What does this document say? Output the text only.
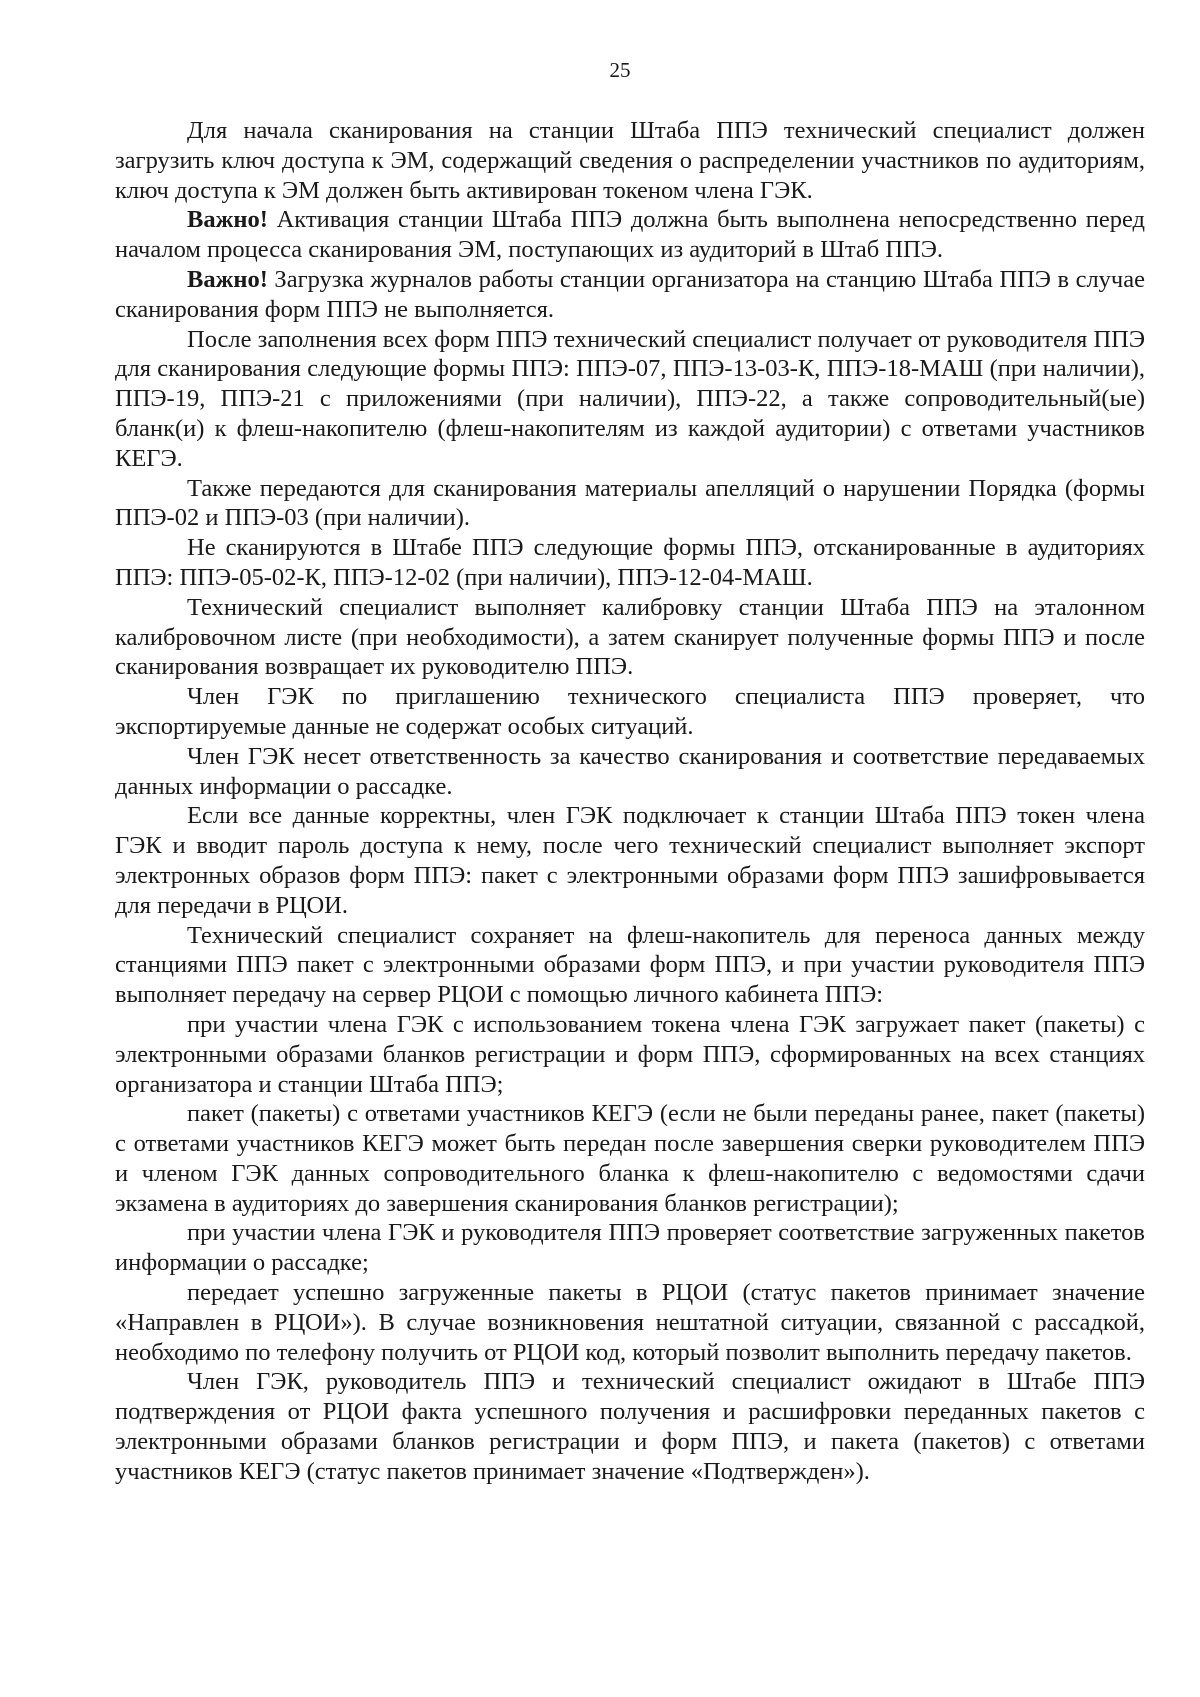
25

Для начала сканирования на станции Штаба ППЭ технический специалист должен загрузить ключ доступа к ЭМ, содержащий сведения о распределении участников по аудиториям, ключ доступа к ЭМ должен быть активирован токеном члена ГЭК.

Важно! Активация станции Штаба ППЭ должна быть выполнена непосредственно перед началом процесса сканирования ЭМ, поступающих из аудиторий в Штаб ППЭ.

Важно! Загрузка журналов работы станции организатора на станцию Штаба ППЭ в случае сканирования форм ППЭ не выполняется.

После заполнения всех форм ППЭ технический специалист получает от руководителя ППЭ для сканирования следующие формы ППЭ: ППЭ-07, ППЭ-13-03-К, ППЭ-18-МАШ (при наличии), ППЭ-19, ППЭ-21 с приложениями (при наличии), ППЭ-22, а также сопроводительный(ые) бланк(и) к флеш-накопителю (флеш-накопителям из каждой аудитории) с ответами участников КЕГЭ.

Также передаются для сканирования материалы апелляций о нарушении Порядка (формы ППЭ-02 и ППЭ-03 (при наличии).

Не сканируются в Штабе ППЭ следующие формы ППЭ, отсканированные в аудиториях ППЭ: ППЭ-05-02-К, ППЭ-12-02 (при наличии), ППЭ-12-04-МАШ.

Технический специалист выполняет калибровку станции Штаба ППЭ на эталонном калибровочном листе (при необходимости), а затем сканирует полученные формы ППЭ и после сканирования возвращает их руководителю ППЭ.

Член ГЭК по приглашению технического специалиста ППЭ проверяет, что экспортируемые данные не содержат особых ситуаций.

Член ГЭК несет ответственность за качество сканирования и соответствие передаваемых данных информации о рассадке.

Если все данные корректны, член ГЭК подключает к станции Штаба ППЭ токен члена ГЭК и вводит пароль доступа к нему, после чего технический специалист выполняет экспорт электронных образов форм ППЭ: пакет с электронными образами форм ППЭ зашифровывается для передачи в РЦОИ.

Технический специалист сохраняет на флеш-накопитель для переноса данных между станциями ППЭ пакет с электронными образами форм ППЭ, и при участии руководителя ППЭ выполняет передачу на сервер РЦОИ с помощью личного кабинета ППЭ:

при участии члена ГЭК с использованием токена члена ГЭК загружает пакет (пакеты) с электронными образами бланков регистрации и форм ППЭ, сформированных на всех станциях организатора и станции Штаба ППЭ;

пакет (пакеты) с ответами участников КЕГЭ (если не были переданы ранее, пакет (пакеты) с ответами участников КЕГЭ может быть передан после завершения сверки руководителем ППЭ и членом ГЭК данных сопроводительного бланка к флеш-накопителю с ведомостями сдачи экзамена в аудиториях до завершения сканирования бланков регистрации);

при участии члена ГЭК и руководителя ППЭ проверяет соответствие загруженных пакетов информации о рассадке;

передает успешно загруженные пакеты в РЦОИ (статус пакетов принимает значение «Направлен в РЦОИ»). В случае возникновения нештатной ситуации, связанной с рассадкой, необходимо по телефону получить от РЦОИ код, который позволит выполнить передачу пакетов.

Член ГЭК, руководитель ППЭ и технический специалист ожидают в Штабе ППЭ подтверждения от РЦОИ факта успешного получения и расшифровки переданных пакетов с электронными образами бланков регистрации и форм ППЭ, и пакета (пакетов) с ответами участников КЕГЭ (статус пакетов принимает значение «Подтвержден»).
